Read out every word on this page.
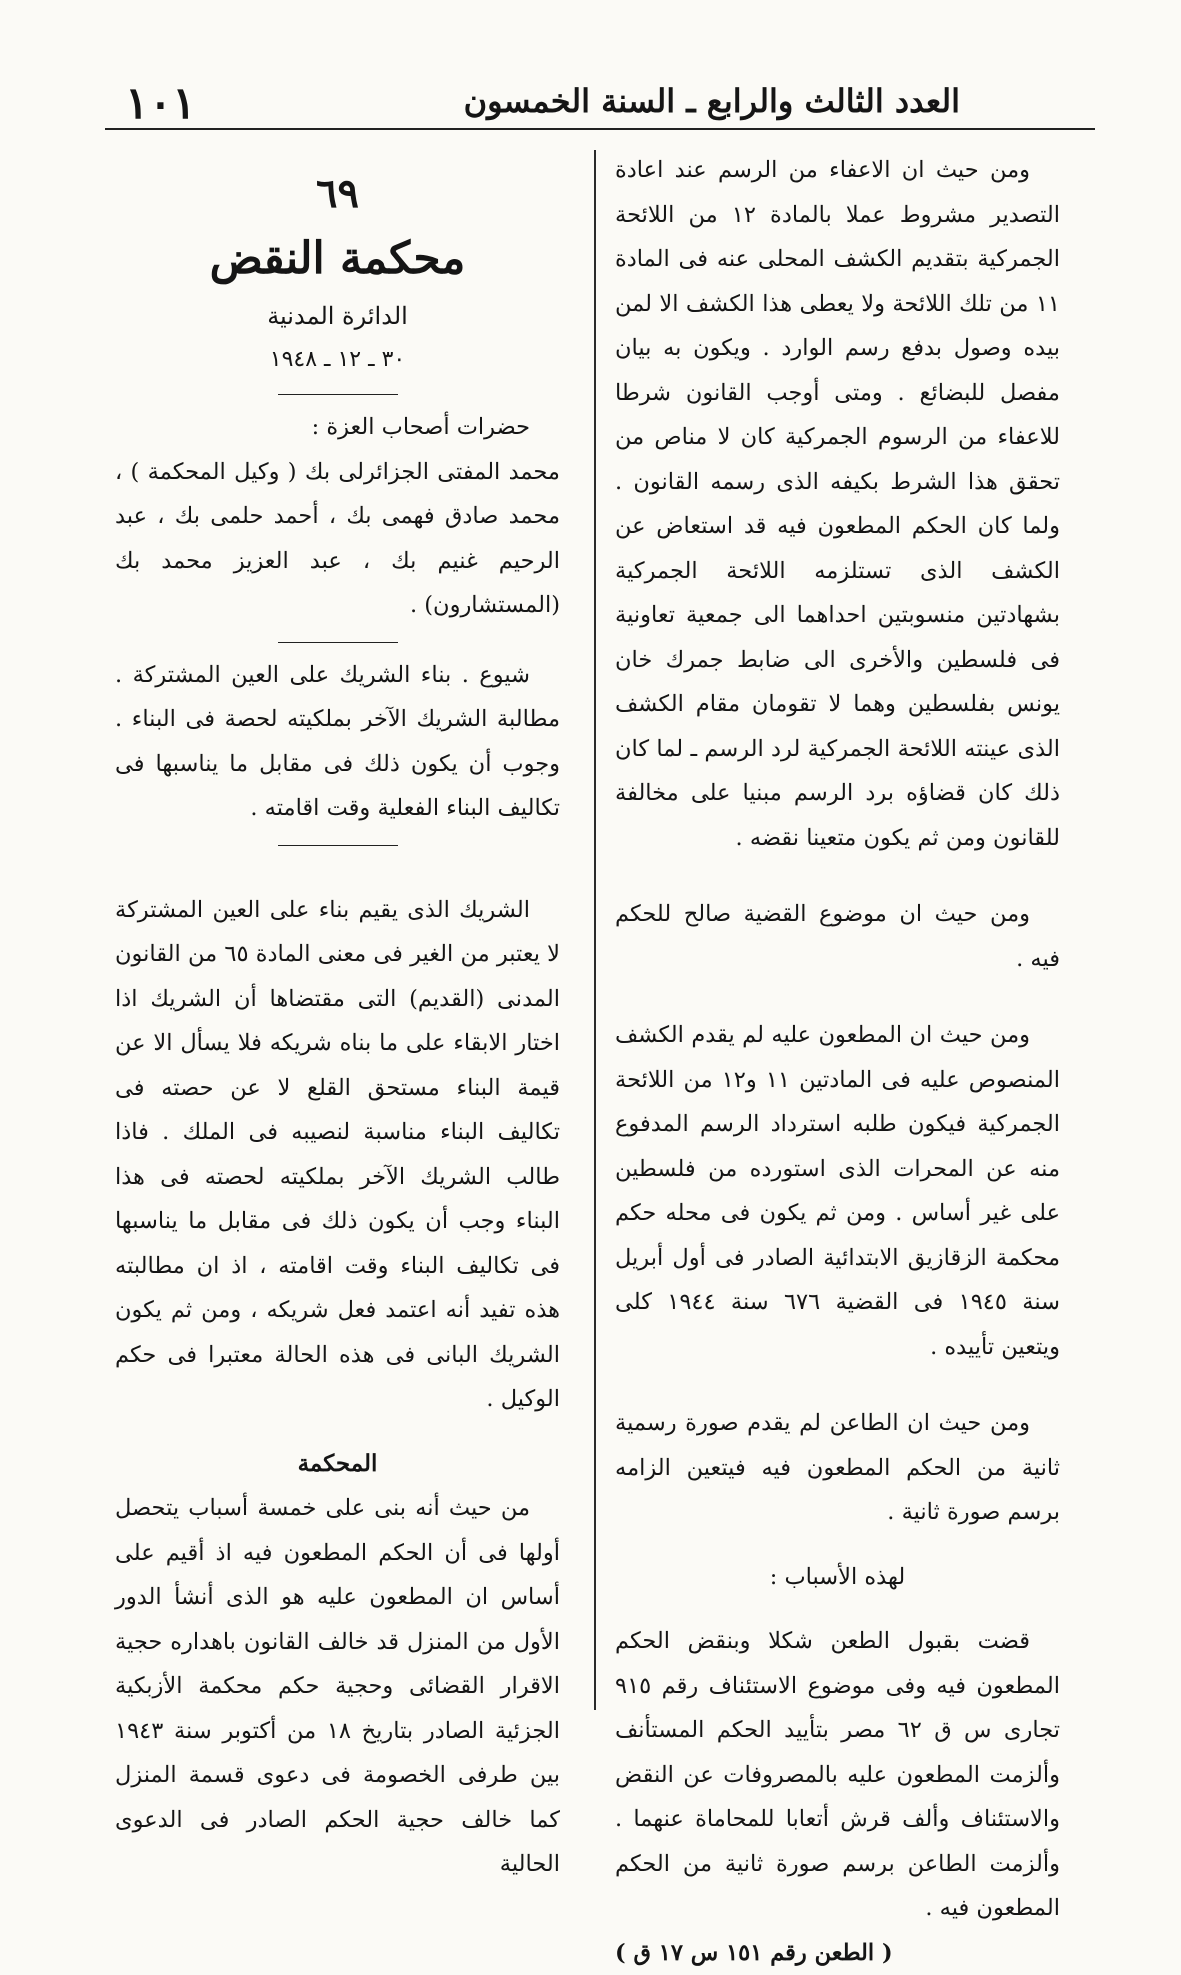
١٠١	العدد الثالث والرابع ـ السنة الخمسون

ومن حيث ان الاعفاء من الرسم عند اعادة التصدير مشروط عملا بالمادة ١٢ من اللائحة الجمركية بتقديم الكشف المحلى عنه فى المادة ١١ من تلك اللائحة ولا يعطى هذا الكشف الا لمن بيده وصول بدفع رسم الوارد . ويكون به بيان مفصل للبضائع . ومتى أوجب القانون شرطا للاعفاء من الرسوم الجمركية كان لا مناص من تحقق هذا الشرط بكيفه الذى رسمه القانون . ولما كان الحكم المطعون فيه قد استعاض عن الكشف الذى تستلزمه اللائحة الجمركية بشهادتين منسوبتين احداهما الى جمعية تعاونية فى فلسطين والأخرى الى ضابط جمرك خان يونس بفلسطين وهما لا تقومان مقام الكشف الذى عينته اللائحة الجمركية لرد الرسم ـ لما كان ذلك كان قضاؤه برد الرسم مبنيا على مخالفة للقانون ومن ثم يكون متعينا نقضه .

ومن حيث ان موضوع القضية صالح للحكم فيه .

ومن حيث ان المطعون عليه لم يقدم الكشف المنصوص عليه فى المادتين ١١ و١٢ من اللائحة الجمركية فيكون طلبه استرداد الرسم المدفوع منه عن المحرات الذى استورده من فلسطين على غير أساس . ومن ثم يكون فى محله حكم محكمة الزقازيق الابتدائية الصادر فى أول أبريل سنة ١٩٤٥ فى القضية ٦٧٦ سنة ١٩٤٤ كلى ويتعين تأييده .

ومن حيث ان الطاعن لم يقدم صورة رسمية ثانية من الحكم المطعون فيه فيتعين الزامه برسم صورة ثانية .

لهذه الأسباب :

قضت بقبول الطعن شكلا وبنقض الحكم المطعون فيه وفى موضوع الاستئناف رقم ٩١٥ تجارى س ق ٦٢ مصر بتأييد الحكم المستأنف وألزمت المطعون عليه بالمصروفات عن النقض والاستئناف وألف قرش أتعابا للمحاماة عنهما . وألزمت الطاعن برسم صورة ثانية من الحكم المطعون فيه .

( الطعن رقم ١٥١ س ١٧ ق )

٦٩
محكمة النقض
الدائرة المدنية
٣٠ ـ ١٢ ـ ١٩٤٨

حضرات أصحاب العزة :

محمد المفتى الجزائرلى بك ( وكيل المحكمة ) ، محمد صادق فهمى بك ، أحمد حلمى بك ، عبد الرحيم غنيم بك ، عبد العزيز محمد بك (المستشارون) .

شيوع . بناء الشريك على العين المشتركة . مطالبة الشريك الآخر بملكيته لحصة فى البناء . وجوب أن يكون ذلك فى مقابل ما يناسبها فى تكاليف البناء الفعلية وقت اقامته .

الشريك الذى يقيم بناء على العين المشتركة لا يعتبر من الغير فى معنى المادة ٦٥ من القانون المدنى (القديم) التى مقتضاها أن الشريك اذا اختار الابقاء على ما بناه شريكه فلا يسأل الا عن قيمة البناء مستحق القلع لا عن حصته فى تكاليف البناء مناسبة لنصيبه فى الملك . فاذا طالب الشريك الآخر بملكيته لحصته فى هذا البناء وجب أن يكون ذلك فى مقابل ما يناسبها فى تكاليف البناء وقت اقامته ، اذ ان مطالبته هذه تفيد أنه اعتمد فعل شريكه ، ومن ثم يكون الشريك البانى فى هذه الحالة معتبرا فى حكم الوكيل .

المحكمة

من حيث أنه بنى على خمسة أسباب يتحصل أولها فى أن الحكم المطعون فيه اذ أقيم على أساس ان المطعون عليه هو الذى أنشأ الدور الأول من المنزل قد خالف القانون باهداره حجية الاقرار القضائى وحجية حكم محكمة الأزبكية الجزئية الصادر بتاريخ ١٨ من أكتوبر سنة ١٩٤٣ بين طرفى الخصومة فى دعوى قسمة المنزل كما خالف حجية الحكم الصادر فى الدعوى الحالية
